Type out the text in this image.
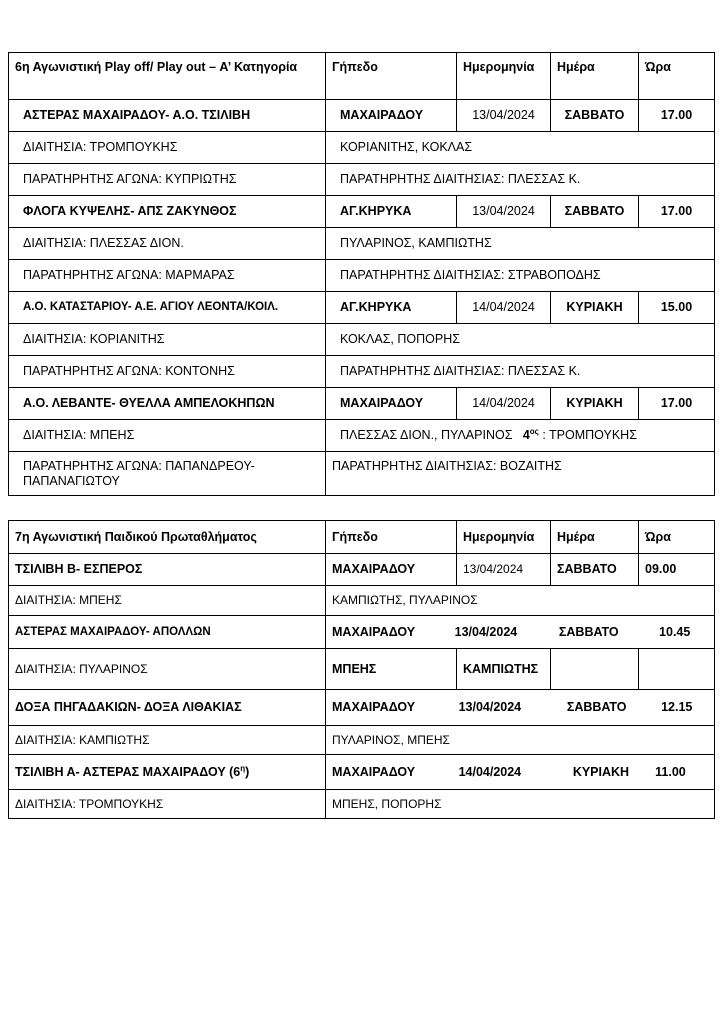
6η Αγωνιστική Play off/ Play out – Α’ Κατηγορία	Γήπεδο	Ημερομηνία	Ημέρα	Ώρα
ΑΣΤΕΡΑΣ ΜΑΧΑΙΡΑΔΟΥ- Α.Ο. ΤΣΙΛΙΒΗ	ΜΑΧΑΙΡΑΔΟΥ	13/04/2024	ΣΑΒΒΑΤΟ	17.00
ΔΙΑΙΤΗΣΙΑ: ΤΡΟΜΠΟΥΚΗΣ	ΚΟΡΙΑΝΙΤΗΣ, ΚΟΚΛΑΣ			
ΠΑΡΑΤΗΡΗΤΗΣ ΑΓΩΝΑ: ΚΥΠΡΙΩΤΗΣ	ΠΑΡΑΤΗΡΗΤΗΣ ΔΙΑΙΤΗΣΙΑΣ: ΠΛΕΣΣΑΣ Κ.			
ΦΛΟΓΑ ΚΥΨΕΛΗΣ- ΑΠΣ ΖΑΚΥΝΘΟΣ	ΑΓ.ΚΗΡΥΚΑ	13/04/2024	ΣΑΒΒΑΤΟ	17.00
ΔΙΑΙΤΗΣΙΑ: ΠΛΕΣΣΑΣ ΔΙΟΝ.	ΠΥΛΑΡΙΝΟΣ, ΚΑΜΠΙΩΤΗΣ			
ΠΑΡΑΤΗΡΗΤΗΣ ΑΓΩΝΑ: ΜΑΡΜΑΡΑΣ	ΠΑΡΑΤΗΡΗΤΗΣ ΔΙΑΙΤΗΣΙΑΣ: ΣΤΡΑΒΟΠΟΔΗΣ			
Α.Ο. ΚΑΤΑΣΤΑΡΙΟΥ- Α.Ε. ΑΓΙΟΥ ΛΕΟΝΤΑ/ΚΟΙΛ.	ΑΓ.ΚΗΡΥΚΑ	14/04/2024	ΚΥΡΙΑΚΗ	15.00
ΔΙΑΙΤΗΣΙΑ: ΚΟΡΙΑΝΙΤΗΣ	ΚΟΚΛΑΣ, ΠΟΠΟΡΗΣ			
ΠΑΡΑΤΗΡΗΤΗΣ ΑΓΩΝΑ: ΚΟΝΤΟΝΗΣ	ΠΑΡΑΤΗΡΗΤΗΣ ΔΙΑΙΤΗΣΙΑΣ: ΠΛΕΣΣΑΣ Κ.			
Α.Ο. ΛΕΒΑΝΤΕ- ΘΥΕΛΛΑ ΑΜΠΕΛΟΚΗΠΩΝ	ΜΑΧΑΙΡΑΔΟΥ	14/04/2024	ΚΥΡΙΑΚΗ	17.00
ΔΙΑΙΤΗΣΙΑ: ΜΠΕΗΣ	ΠΛΕΣΣΑΣ ΔΙΟΝ., ΠΥΛΑΡΙΝΟΣ $4^{o\varsigma}$ : ΤΡΟΜΠΟΥΚΗΣ			
ΠΑΡΑΤΗΡΗΤΗΣ ΑΓΩΝΑ: ΠΑΠΑΝΔΡΕΟΥ-ΠΑΠΑΝΑΓΙΩΤΟΥ	ΠΑΡΑΤΗΡΗΤΗΣ ΔΙΑΙΤΗΣΙΑΣ: ΒΟΖΑΙΤΗΣ			
7η Αγωνιστική Παιδικού Πρωταθλήματος	Γήπεδο	Ημερομηνία	Ημέρα	Ώρα
ΤΣΙΛΙΒΗ Β- ΕΣΠΕΡΟΣ	ΜΑΧΑΙΡΑΔΟΥ	13/04/2024	ΣΑΒΒΑΤΟ	09.00
ΔΙΑΙΤΗΣΙΑ: ΜΠΕΗΣ	ΚΑΜΠΙΩΤΗΣ, ΠΥΛΑΡΙΝΟΣ			
ΑΣΤΕΡΑΣ ΜΑΧΑΙΡΑΔΟΥ- ΑΠΟΛΛΩΝ	ΜΑΧΑΙΡΑΔΟΥ 13/04/2024 ΣΑΒΒΑΤΟ 10.45			

ΔΙΑΙΤΗΣΙΑ: ΠΥΛΑΡΙΝΟΣ	ΜΠΕΗΣ	ΚΑΜΠΙΩΤΗΣ		
ΔΟΞΑ ΠΗΓΑΔΑΚΙΩΝ- ΔΟΞΑ ΛΙΘΑΚΙΑΣ	ΜΑΧΑΙΡΑΔΟΥ 13/04/2024 ΣΑΒΒΑΤΟ 12.15			

ΔΙΑΙΤΗΣΙΑ: ΚΑΜΠΙΩΤΗΣ	ΠΥΛΑΡΙΝΟΣ, ΜΠΕΗΣ			
ΤΣΙΛΙΒΗ Α- ΑΣΤΕΡΑΣ ΜΑΧΑΙΡΑΔΟΥ $(6^\eta)$	ΜΑΧΑΙΡΑΔΟΥ 14/04/2024 ΚΥΡΙΑΚΗ 11.00			

ΔΙΑΙΤΗΣΙΑ: ΤΡΟΜΠΟΥΚΗΣ	ΜΠΕΗΣ, ΠΟΠΟΡΗΣ			
